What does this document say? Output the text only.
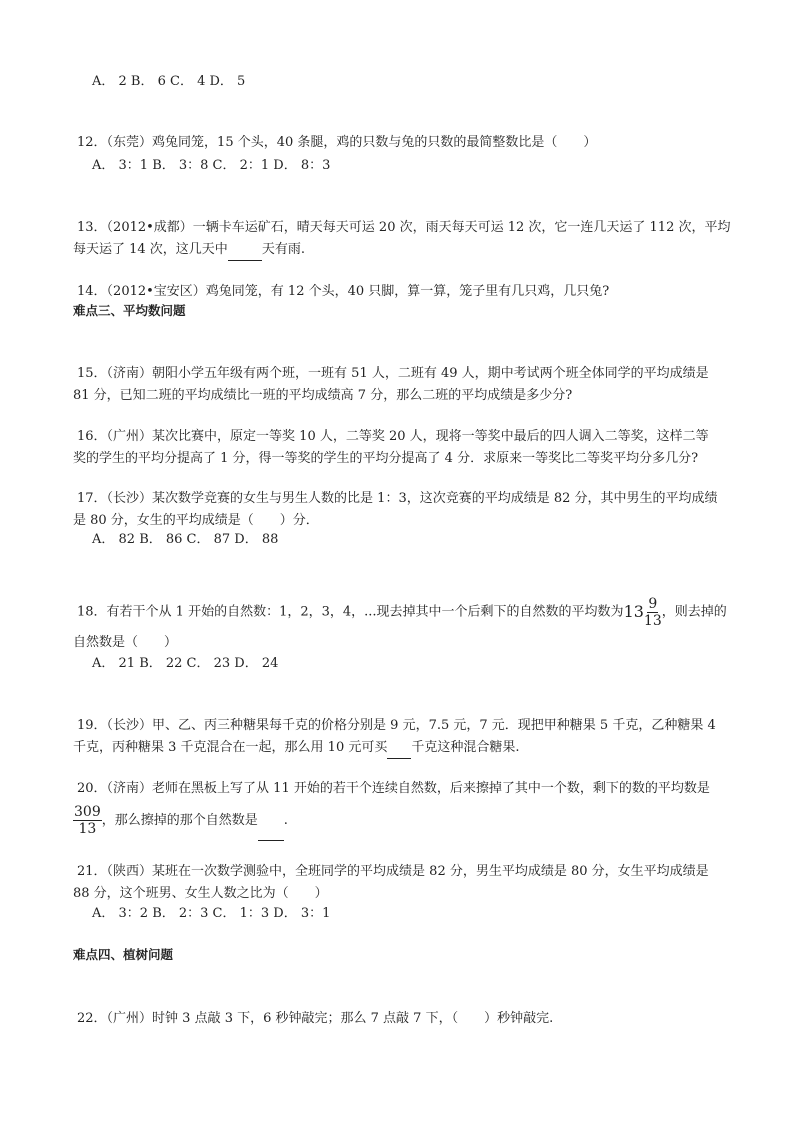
A． 2 B． 6 C． 4 D． 5
12．（东莞）鸡兔同笼，15 个头，40 条腿，鸡的只数与兔的只数的最简整数比是（　　）
A． 3：1 B． 3：8 C． 2：1 D． 8：3
13．（2012•成都）一辆卡车运矿石，晴天每天可运 20 次，雨天每天可运 12 次，它一连几天运了 112 次，平均
每天运了 14 次，这几天中	天有雨.
14．（2012•宝安区）鸡兔同笼，有 12 个头，40 只脚，算一算，笼子里有几只鸡，几只兔?
难点三、平均数问题
15．（济南）朝阳小学五年级有两个班，一班有 51 人，二班有 49 人，期中考试两个班全体同学的平均成绩是
81 分，已知二班的平均成绩比一班的平均成绩高 7 分，那么二班的平均成绩是多少分?
16．（广州）某次比赛中，原定一等奖 10 人，二等奖 20 人，现将一等奖中最后的四人调入二等奖，这样二等
奖的学生的平均分提高了 1 分，得一等奖的学生的平均分提高了 4 分．求原来一等奖比二等奖平均分多几分?
17．（长沙）某次数学竞赛的女生与男生人数的比是 1：3，这次竞赛的平均成绩是 82 分，其中男生的平均成绩
是 80 分，女生的平均成绩是（　　）分．
A． 82 B． 86 C． 87 D． 88
18．有若干个从 1 开始的自然数：1，2，3，4，...现去掉其中一个后剩下的自然数的平均数为$13 \frac{9}{13}$ ，则去掉的
自然数是（　　）
A． 21 B． 22 C． 23 D． 24
19．（长沙）甲、乙、丙三种糖果每千克的价格分别是 9 元，7.5 元，7 元．现把甲种糖果 5 千克，乙种糖果 4
千克，丙种糖果 3 千克混合在一起，那么用 10 元可买 千克这种混合糖果.
20．（济南）老师在黑板上写了从 11 开始的若干个连续自然数，后来擦掉了其中一个数，剩下的数的平均数是
$\frac{309}{13}$ ，那么擦掉的那个自然数是 .
21．（陕西）某班在一次数学测验中，全班同学的平均成绩是 82 分，男生平均成绩是 80 分，女生平均成绩是
88 分，这个班男、女生人数之比为（　　）
A． 3：2 B． 2：3 C． 1：3 D． 3：1
难点四、植树问题
22．（广州）时钟 3 点敲 3 下，6 秒钟敲完；那么 7 点敲 7 下，（　　）秒钟敲完.
